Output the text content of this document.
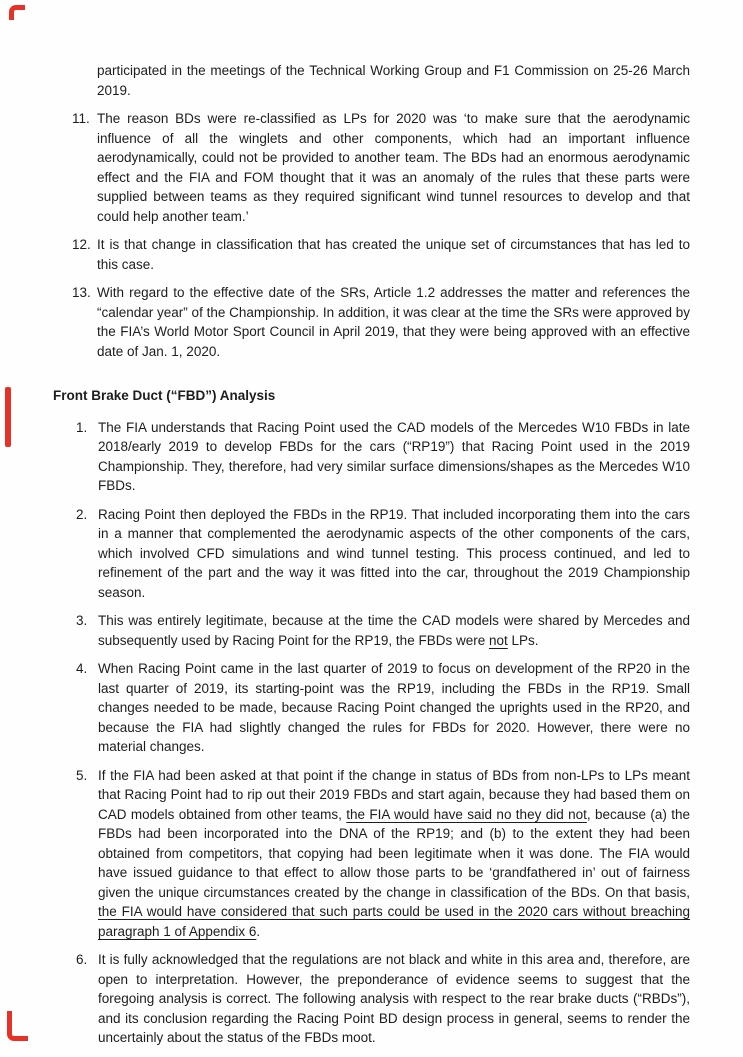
participated in the meetings of the Technical Working Group and F1 Commission on 25-26 March 2019.

11. The reason BDs were re-classified as LPs for 2020 was ‘to make sure that the aerodynamic influence of all the winglets and other components, which had an important influence aerodynamically, could not be provided to another team. The BDs had an enormous aerodynamic effect and the FIA and FOM thought that it was an anomaly of the rules that these parts were supplied between teams as they required significant wind tunnel resources to develop and that could help another team.’
12. It is that change in classification that has created the unique set of circumstances that has led to this case.
13. With regard to the effective date of the SRs, Article 1.2 addresses the matter and references the “calendar year” of the Championship. In addition, it was clear at the time the SRs were approved by the FIA’s World Motor Sport Council in April 2019, that they were being approved with an effective date of Jan. 1, 2020.
Front Brake Duct (“FBD”) Analysis
1. The FIA understands that Racing Point used the CAD models of the Mercedes W10 FBDs in late 2018/early 2019 to develop FBDs for the cars (“RP19”) that Racing Point used in the 2019 Championship. They, therefore, had very similar surface dimensions/shapes as the Mercedes W10 FBDs.
2. Racing Point then deployed the FBDs in the RP19. That included incorporating them into the cars in a manner that complemented the aerodynamic aspects of the other components of the cars, which involved CFD simulations and wind tunnel testing. This process continued, and led to refinement of the part and the way it was fitted into the car, throughout the 2019 Championship season.
3. This was entirely legitimate, because at the time the CAD models were shared by Mercedes and subsequently used by Racing Point for the RP19, the FBDs were not LPs.
4. When Racing Point came in the last quarter of 2019 to focus on development of the RP20 in the last quarter of 2019, its starting-point was the RP19, including the FBDs in the RP19. Small changes needed to be made, because Racing Point changed the uprights used in the RP20, and because the FIA had slightly changed the rules for FBDs for 2020. However, there were no material changes.
5. If the FIA had been asked at that point if the change in status of BDs from non-LPs to LPs meant that Racing Point had to rip out their 2019 FBDs and start again, because they had based them on CAD models obtained from other teams, the FIA would have said no they did not, because (a) the FBDs had been incorporated into the DNA of the RP19; and (b) to the extent they had been obtained from competitors, that copying had been legitimate when it was done. The FIA would have issued guidance to that effect to allow those parts to be ‘grandfathered in’ out of fairness given the unique circumstances created by the change in classification of the BDs. On that basis, the FIA would have considered that such parts could be used in the 2020 cars without breaching paragraph 1 of Appendix 6.
6. It is fully acknowledged that the regulations are not black and white in this area and, therefore, are open to interpretation. However, the preponderance of evidence seems to suggest that the foregoing analysis is correct. The following analysis with respect to the rear brake ducts (“RBDs”), and its conclusion regarding the Racing Point BD design process in general, seems to render the uncertainly about the status of the FBDs moot.
